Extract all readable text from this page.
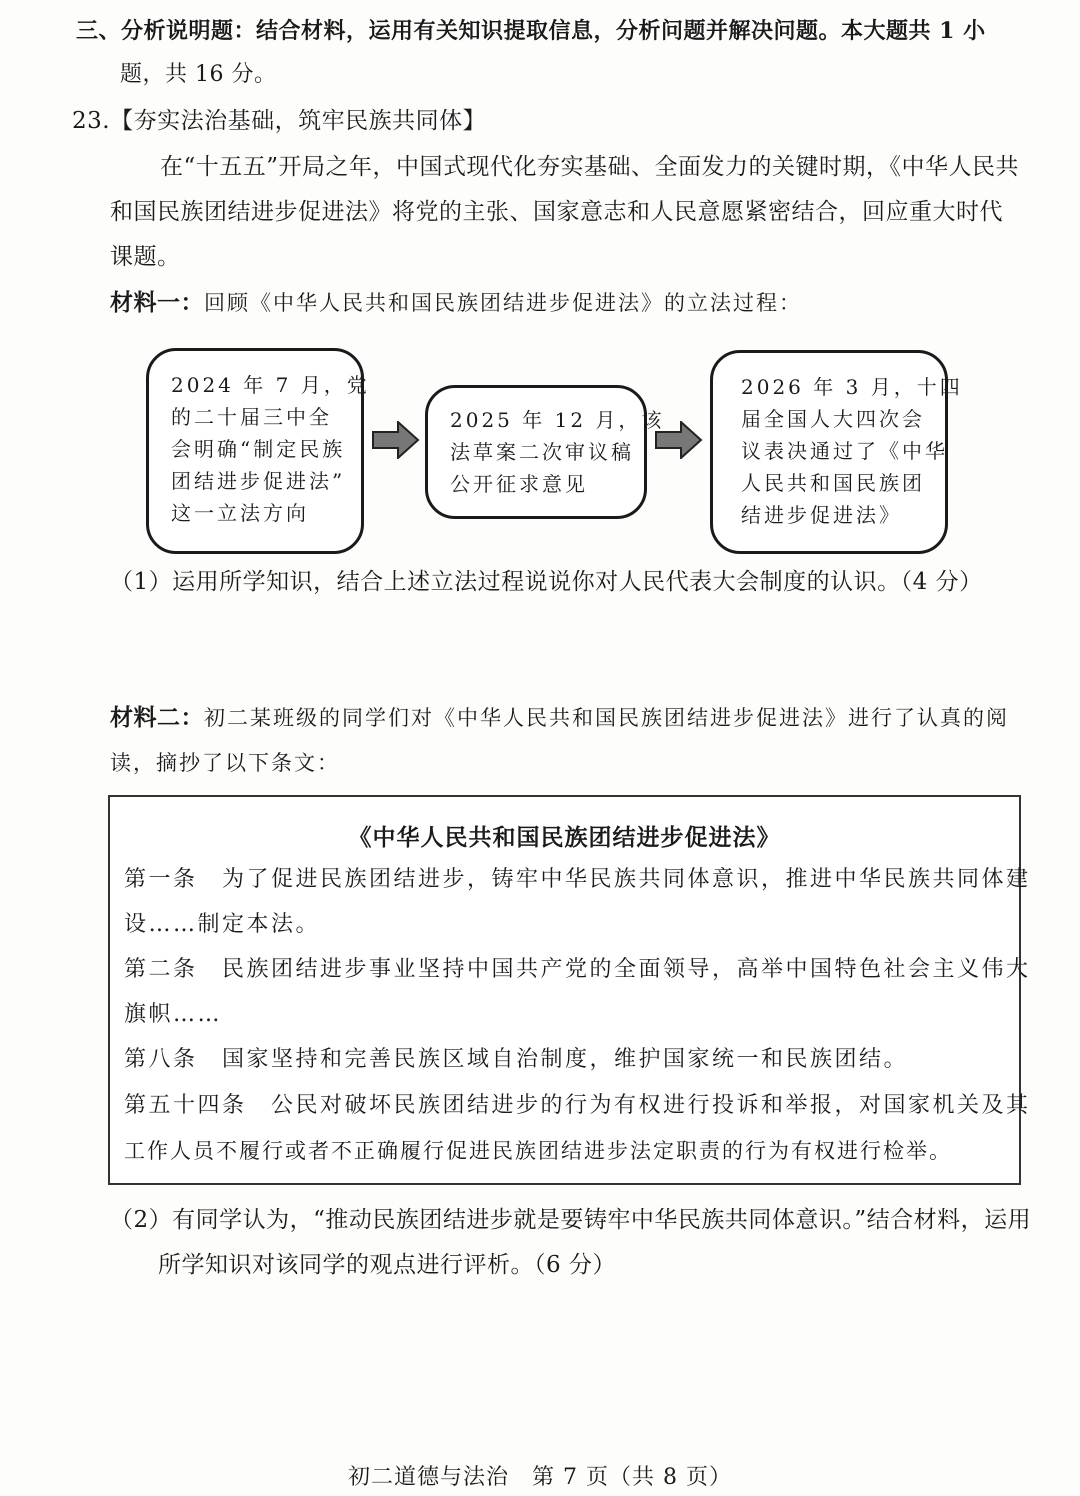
三、分析说明题：结合材料，运用有关知识提取信息，分析问题并解决问题。本大题共 1 小
题，共 16 分。
23.【夯实法治基础，筑牢民族共同体】
在“十五五”开局之年，中国式现代化夯实基础、全面发力的关键时期，《中华人民共
和国民族团结进步促进法》将党的主张、国家意志和人民意愿紧密结合，回应重大时代
课题。
材料一：回顾《中华人民共和国民族团结进步促进法》的立法过程：
2024 年 7 月，党
的二十届三中全
会明确“制定民族
团结进步促进法”
这一立法方向
2025 年 12 月，该
法草案二次审议稿
公开征求意见
2026 年 3 月，十四
届全国人大四次会
议表决通过了《中华
人民共和国民族团
结进步促进法》
（1）运用所学知识，结合上述立法过程说说你对人民代表大会制度的认识。（4 分）
材料二：初二某班级的同学们对《中华人民共和国民族团结进步促进法》进行了认真的阅
读，摘抄了以下条文：
《中华人民共和国民族团结进步促进法》
第一条　为了促进民族团结进步，铸牢中华民族共同体意识，推进中华民族共同体建
设……制定本法。
第二条　民族团结进步事业坚持中国共产党的全面领导，高举中国特色社会主义伟大
旗帜……
第八条　国家坚持和完善民族区域自治制度，维护国家统一和民族团结。
第五十四条　公民对破坏民族团结进步的行为有权进行投诉和举报，对国家机关及其
工作人员不履行或者不正确履行促进民族团结进步法定职责的行为有权进行检举。
（2）有同学认为，“推动民族团结进步就是要铸牢中华民族共同体意识。”结合材料，运用
所学知识对该同学的观点进行评析。（6 分）
初二道德与法治　第 7 页（共 8 页）
